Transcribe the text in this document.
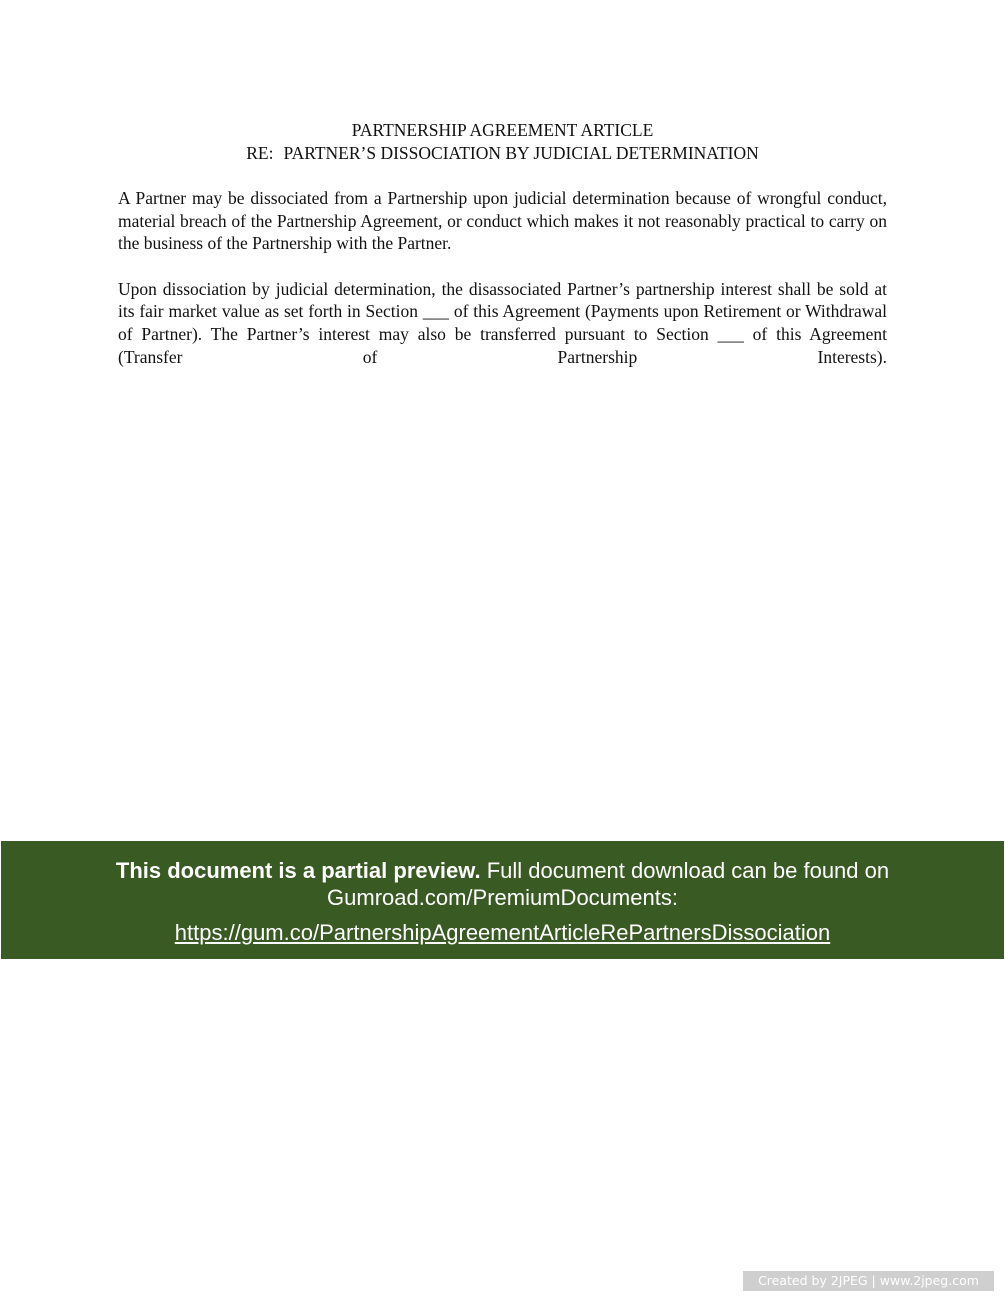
PARTNERSHIP AGREEMENT ARTICLE
RE: PARTNER’S DISSOCIATION BY JUDICIAL DETERMINATION

A Partner may be dissociated from a Partnership upon judicial determination because of wrongful conduct, material breach of the Partnership Agreement, or conduct which makes it not reasonably practical to carry on the business of the Partnership with the Partner.

Upon dissociation by judicial determination, the disassociated Partner’s partnership interest shall be sold at its fair market value as set forth in Section ___ of this Agreement (Payments upon Retirement or Withdrawal of Partner). The Partner’s interest may also be transferred pursuant to Section ___ of this Agreement (Transfer of Partnership Interests).

This document is a partial preview. Full document download can be found on Gumroad.com/PremiumDocuments:
https://gum.co/PartnershipAgreementArticleRePartnersDissociation
Created by 2JPEG | www.2jpeg.com
